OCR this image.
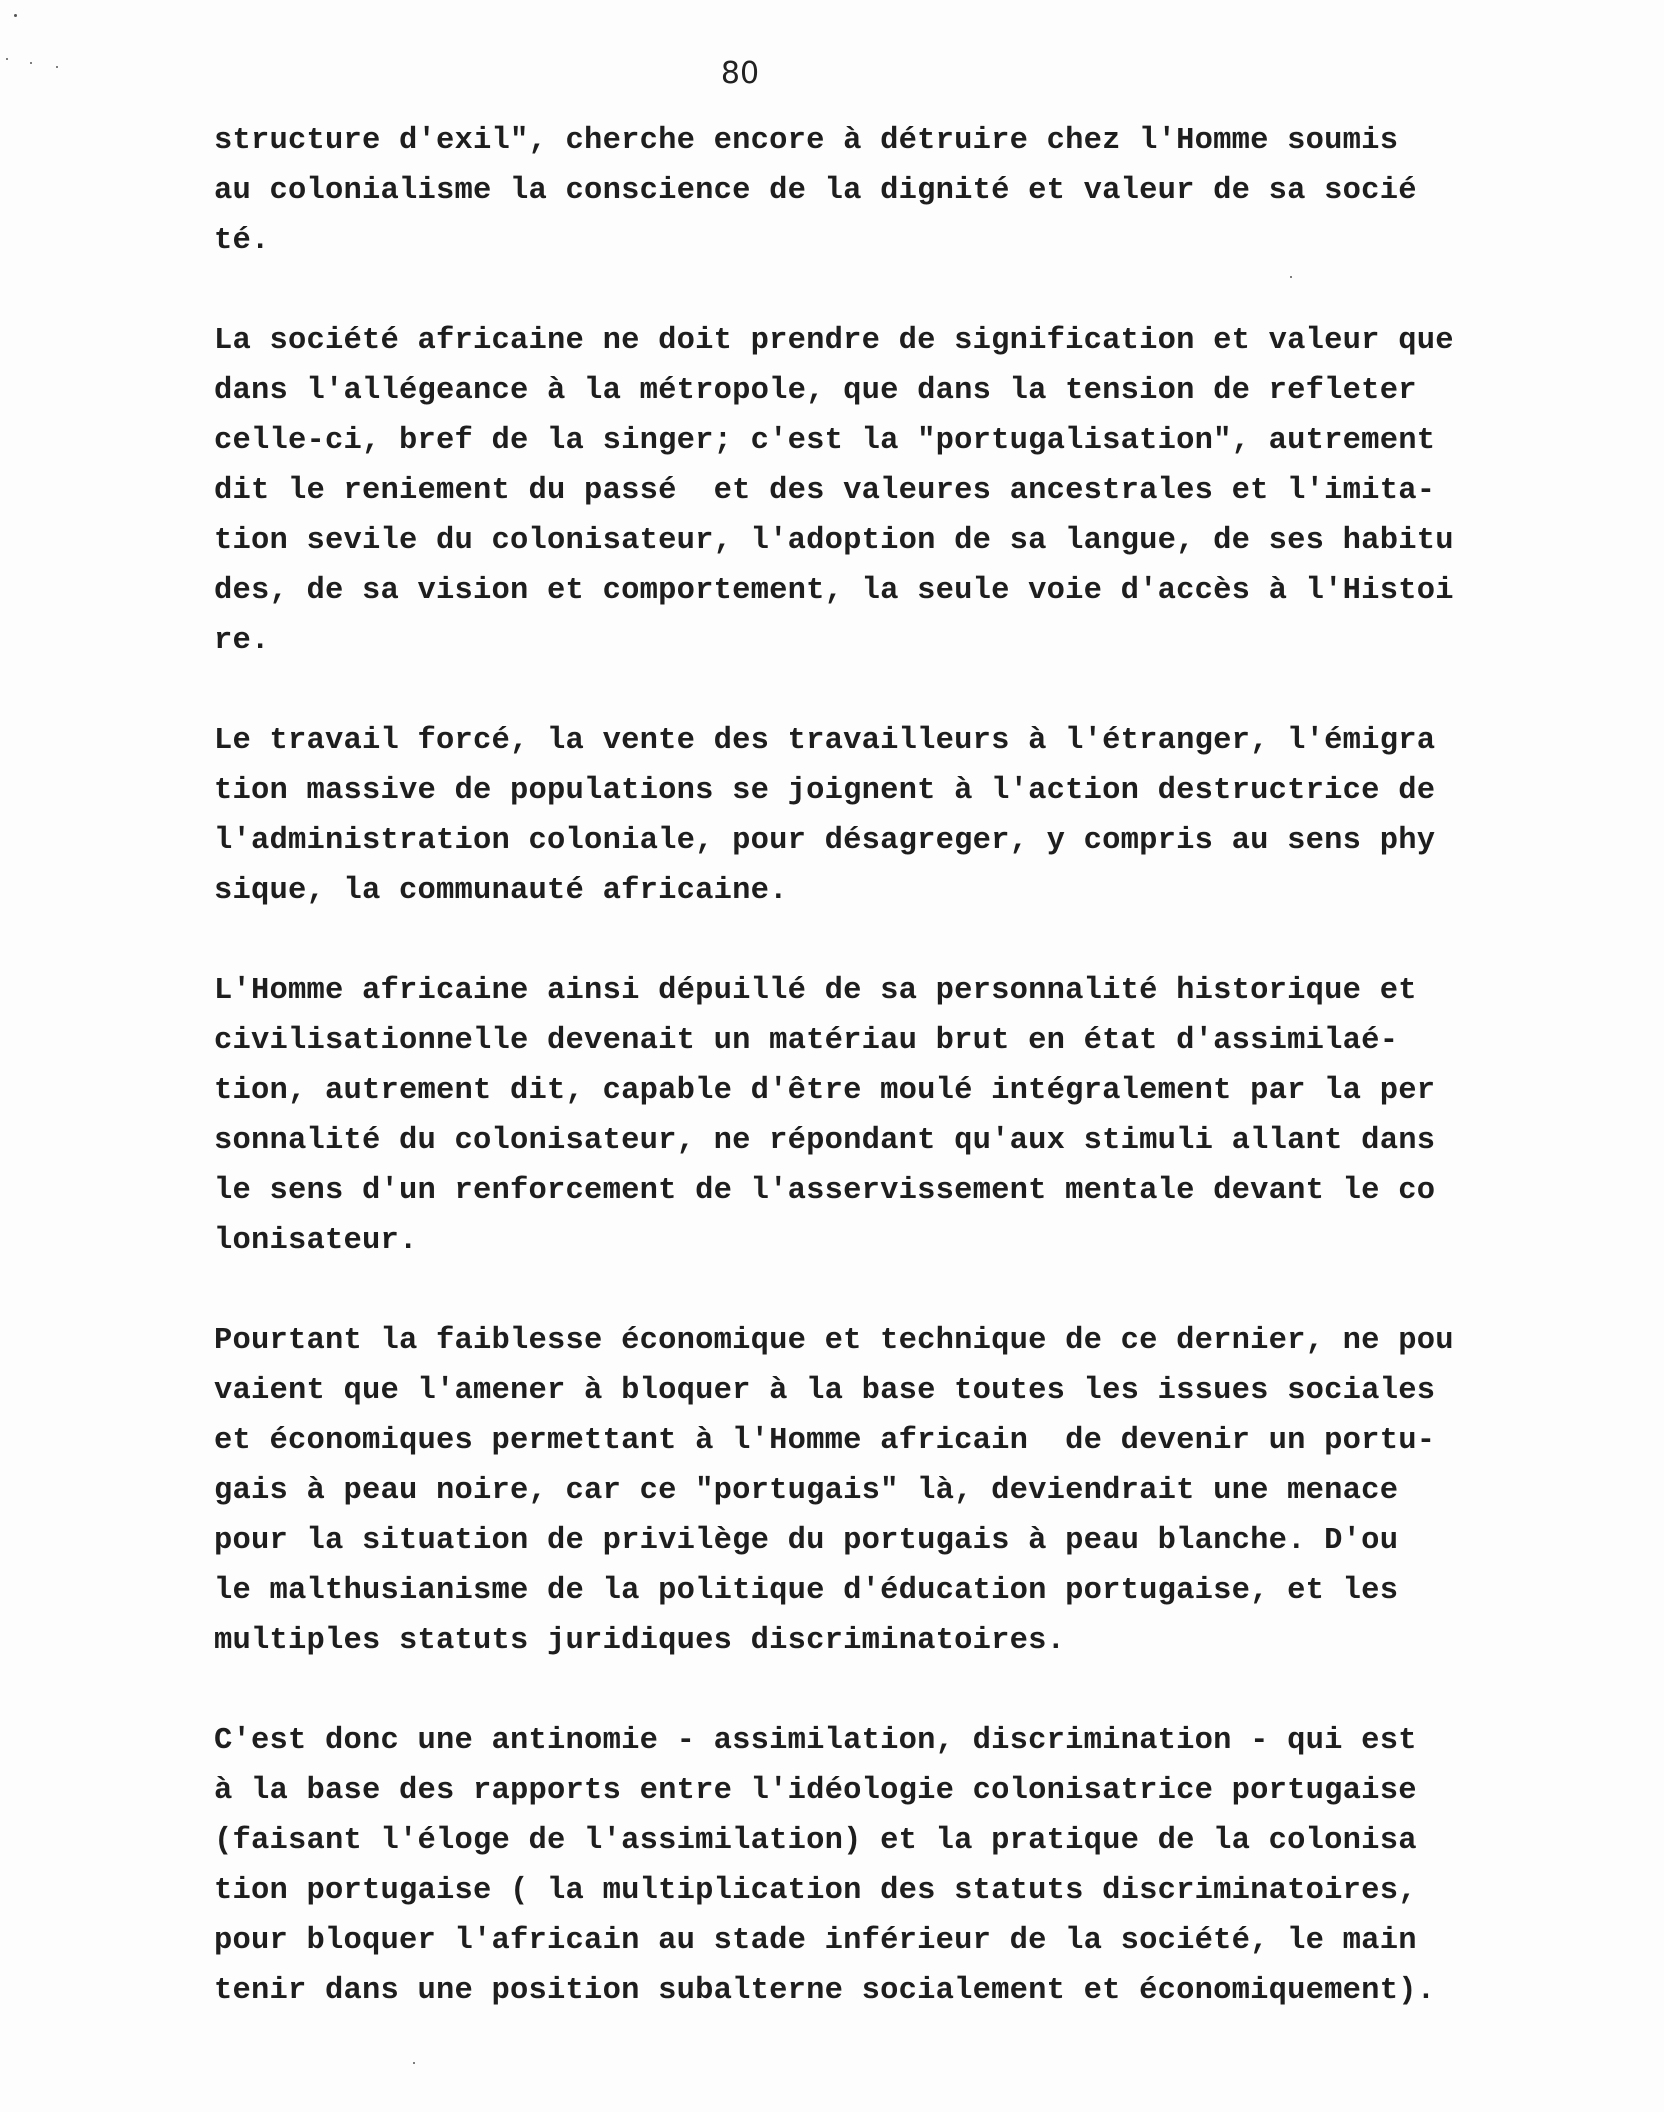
80
structure d'exil", cherche encore à détruire chez l'Homme soumis
au colonialisme la conscience de la dignité et valeur de sa socié
té.
La société africaine ne doit prendre de signification et valeur que
dans l'allégeance à la métropole, que dans la tension de refleter
celle-ci, bref de la singer; c'est la "portugalisation", autrement
dit le reniement du passé  et des valeures ancestrales et l'imita-
tion sevile du colonisateur, l'adoption de sa langue, de ses habitu
des, de sa vision et comportement, la seule voie d'accès à l'Histoi
re.
Le travail forcé, la vente des travailleurs à l'étranger, l'émigra
tion massive de populations se joignent à l'action destructrice de
l'administration coloniale, pour désagreger, y compris au sens phy
sique, la communauté africaine.
L'Homme africaine ainsi dépuillé de sa personnalité historique et
civilisationnelle devenait un matériau brut en état d'assimilaé-
tion, autrement dit, capable d'être moulé intégralement par la per
sonnalité du colonisateur, ne répondant qu'aux stimuli allant dans
le sens d'un renforcement de l'asservissement mentale devant le co
lonisateur.
Pourtant la faiblesse économique et technique de ce dernier, ne pou
vaient que l'amener à bloquer à la base toutes les issues sociales
et économiques permettant à l'Homme africain  de devenir un portu-
gais à peau noire, car ce "portugais" là, deviendrait une menace
pour la situation de privilège du portugais à peau blanche. D'ou
le malthusianisme de la politique d'éducation portugaise, et les
multiples statuts juridiques discriminatoires.
C'est donc une antinomie - assimilation, discrimination - qui est
à la base des rapports entre l'idéologie colonisatrice portugaise
(faisant l'éloge de l'assimilation) et la pratique de la colonisa
tion portugaise ( la multiplication des statuts discriminatoires,
pour bloquer l'africain au stade inférieur de la société, le main
tenir dans une position subalterne socialement et économiquement).
